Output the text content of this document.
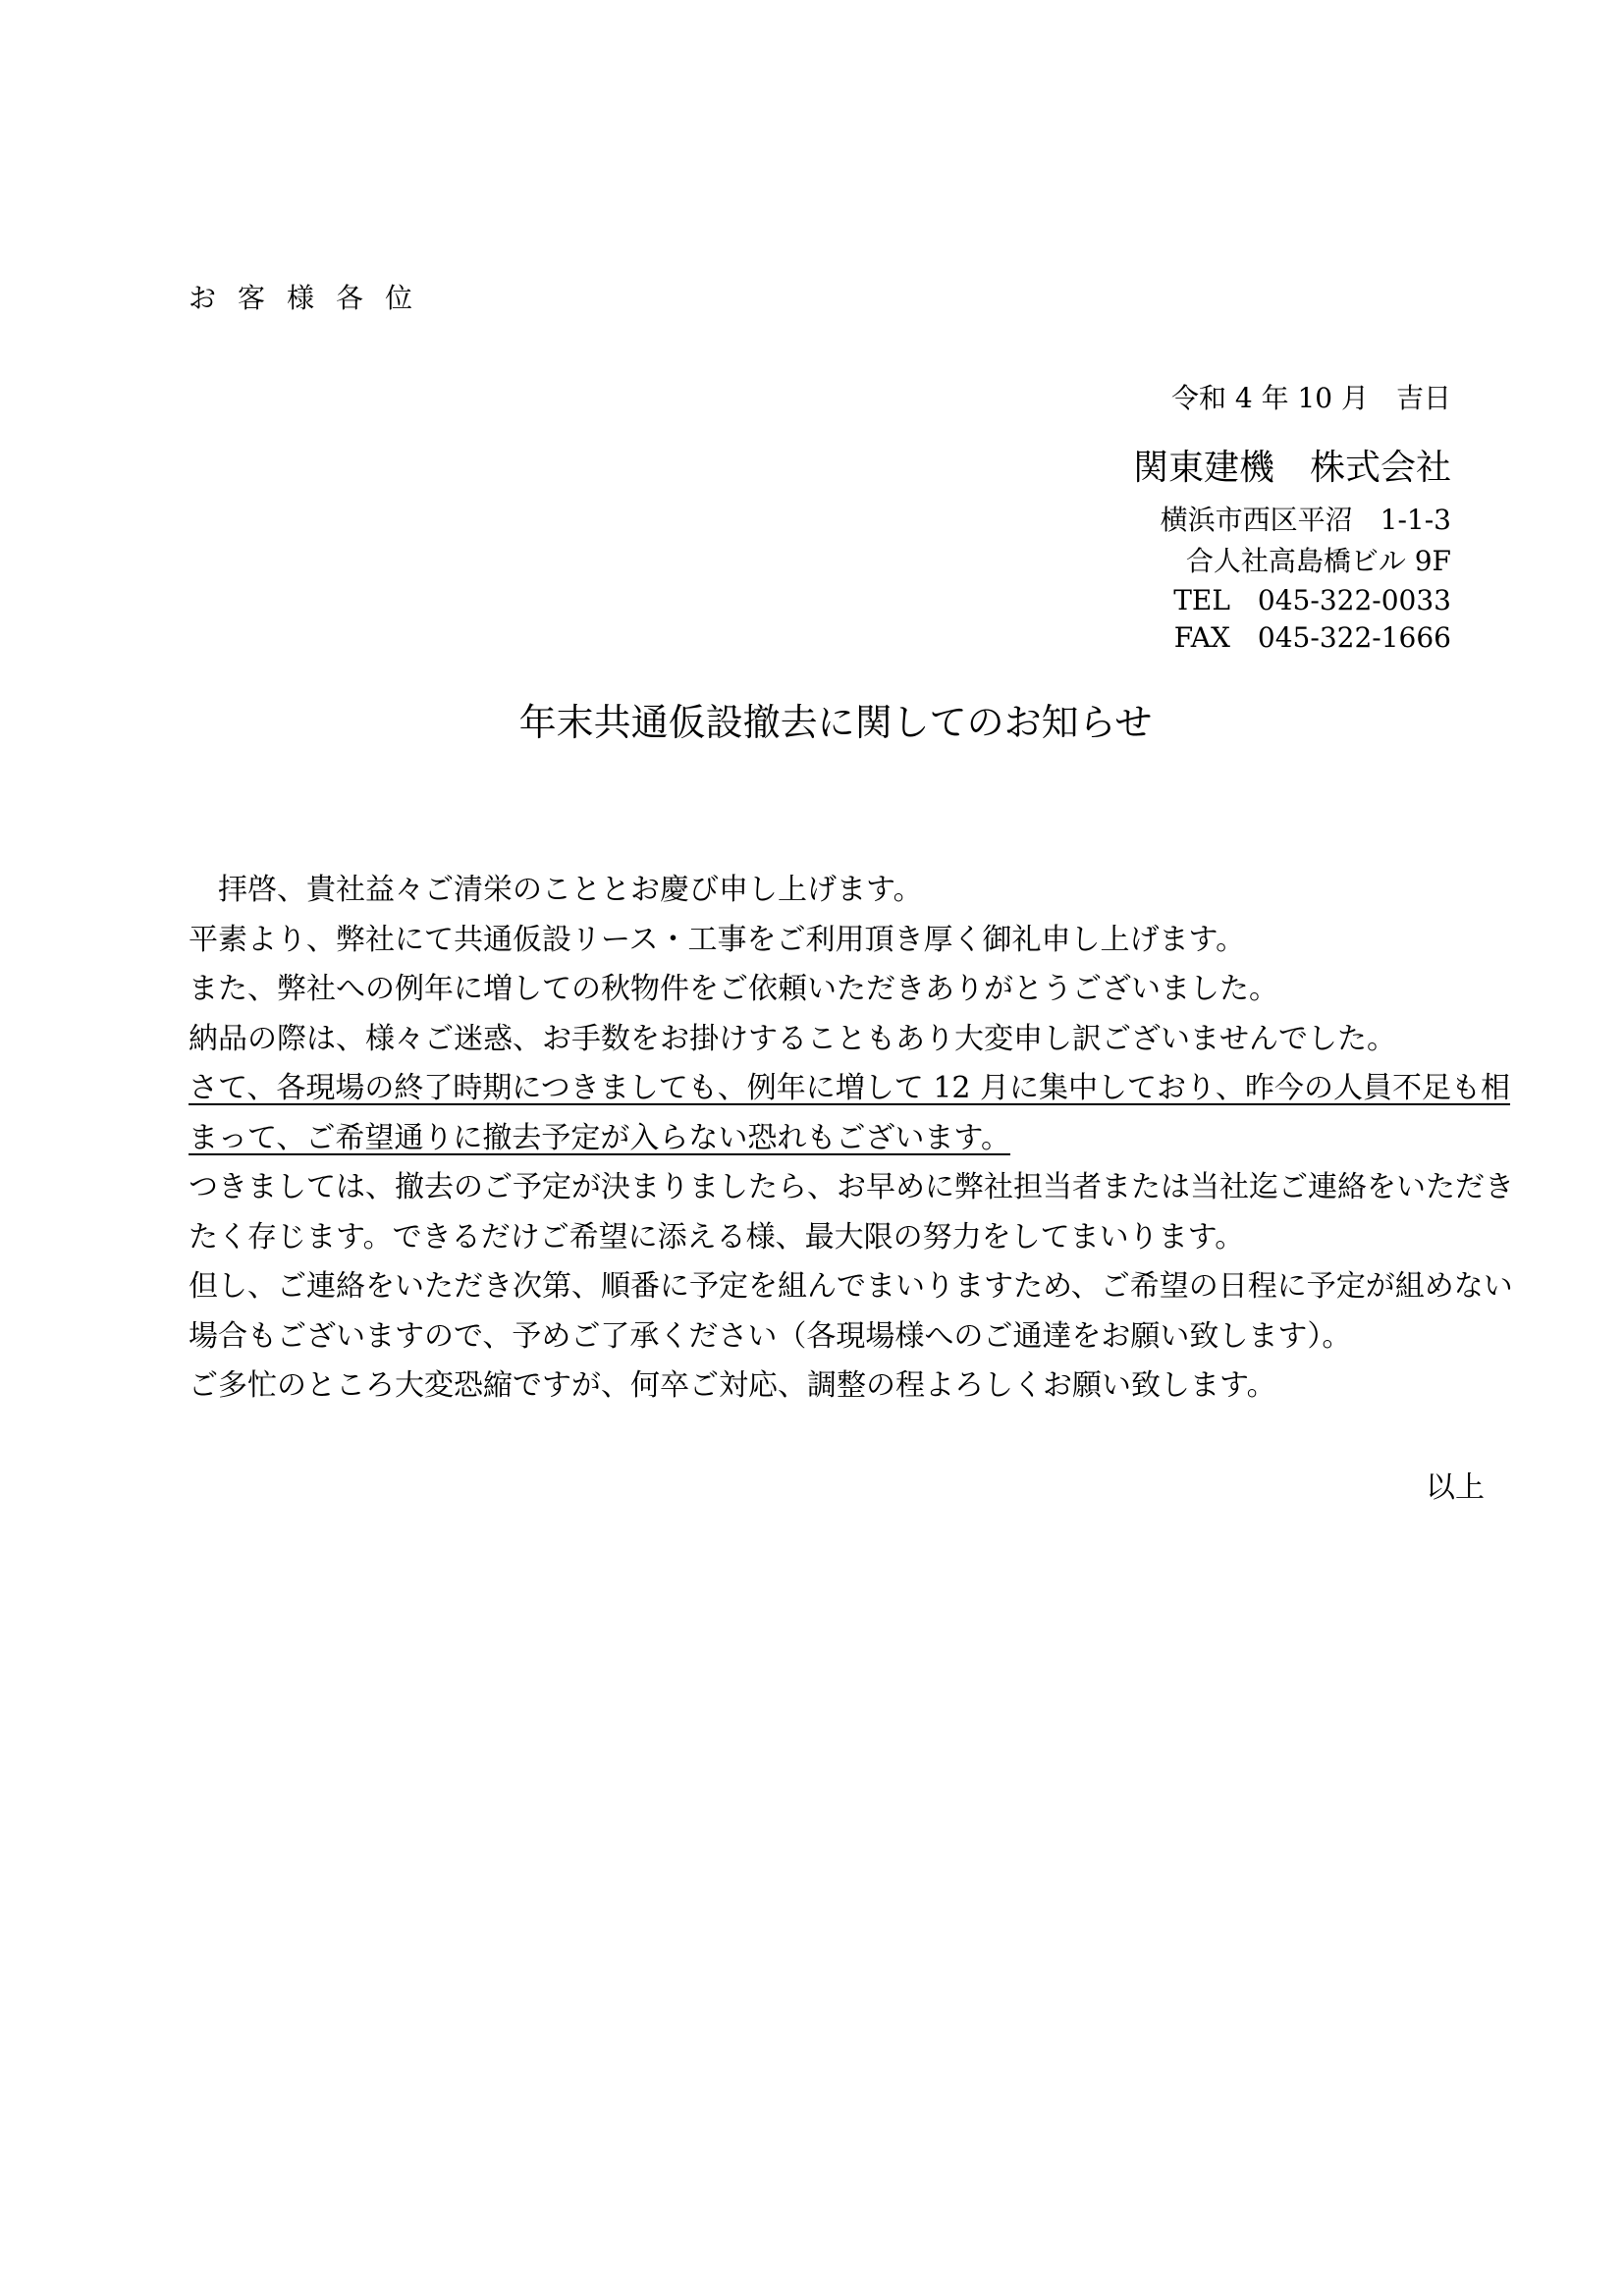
お客様各位
令和 4 年 10 月　吉日
関東建機　株式会社
横浜市西区平沼　1-1-3
合人社高島橋ビル 9F
TEL　045-322-0033
FAX　045-322-1666
年末共通仮設撤去に関してのお知らせ
　拝啓、貴社益々ご清栄のこととお慶び申し上げます。
平素より、弊社にて共通仮設リース・工事をご利用頂き厚く御礼申し上げます。
また、弊社への例年に増しての秋物件をご依頼いただきありがとうございました。
納品の際は、様々ご迷惑、お手数をお掛けすることもあり大変申し訳ございませんでした。
さて、各現場の終了時期につきましても、例年に増して 12 月に集中しており、昨今の人員不足も相
まって、ご希望通りに撤去予定が入らない恐れもございます。
つきましては、撤去のご予定が決まりましたら、お早めに弊社担当者または当社迄ご連絡をいただき
たく存じます。できるだけご希望に添える様、最大限の努力をしてまいります。
但し、ご連絡をいただき次第、順番に予定を組んでまいりますため、ご希望の日程に予定が組めない
場合もございますので、予めご了承ください（各現場様へのご通達をお願い致します）。
ご多忙のところ大変恐縮ですが、何卒ご対応、調整の程よろしくお願い致します。
以上
